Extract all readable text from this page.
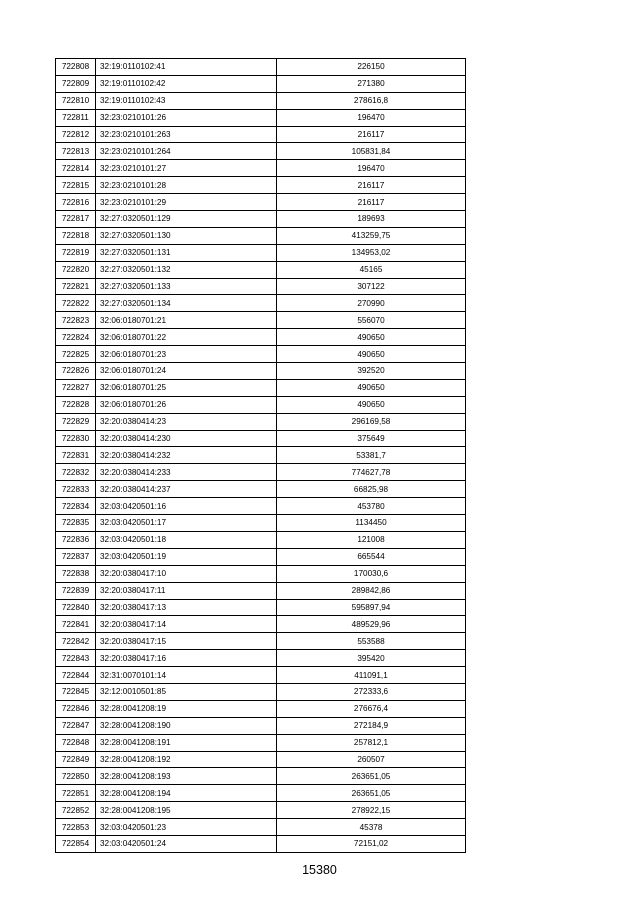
722808	32:19:0110102:41	226150
722809	32:19:0110102:42	271380
722810	32:19:0110102:43	278616,8
722811	32:23:0210101:26	196470
722812	32:23:0210101:263	216117
722813	32:23:0210101:264	105831,84
722814	32:23:0210101:27	196470
722815	32:23:0210101:28	216117
722816	32:23:0210101:29	216117
722817	32:27:0320501:129	189693
722818	32:27:0320501:130	413259,75
722819	32:27:0320501:131	134953,02
722820	32:27:0320501:132	45165
722821	32:27:0320501:133	307122
722822	32:27:0320501:134	270990
722823	32:06:0180701:21	556070
722824	32:06:0180701:22	490650
722825	32:06:0180701:23	490650
722826	32:06:0180701:24	392520
722827	32:06:0180701:25	490650
722828	32:06:0180701:26	490650
722829	32:20:0380414:23	296169,58
722830	32:20:0380414:230	375649
722831	32:20:0380414:232	53381,7
722832	32:20:0380414:233	774627,78
722833	32:20:0380414:237	66825,98
722834	32:03:0420501:16	453780
722835	32:03:0420501:17	1134450
722836	32:03:0420501:18	121008
722837	32:03:0420501:19	665544
722838	32:20:0380417:10	170030,6
722839	32:20:0380417:11	289842,86
722840	32:20:0380417:13	595897,94
722841	32:20:0380417:14	489529,96
722842	32:20:0380417:15	553588
722843	32:20:0380417:16	395420
722844	32:31:0070101:14	411091,1
722845	32:12:0010501:85	272333,6
722846	32:28:0041208:19	276676,4
722847	32:28:0041208:190	272184,9
722848	32:28:0041208:191	257812,1
722849	32:28:0041208:192	260507
722850	32:28:0041208:193	263651,05
722851	32:28:0041208:194	263651,05
722852	32:28:0041208:195	278922,15
722853	32:03:0420501:23	45378
722854	32:03:0420501:24	72151,02
15380
